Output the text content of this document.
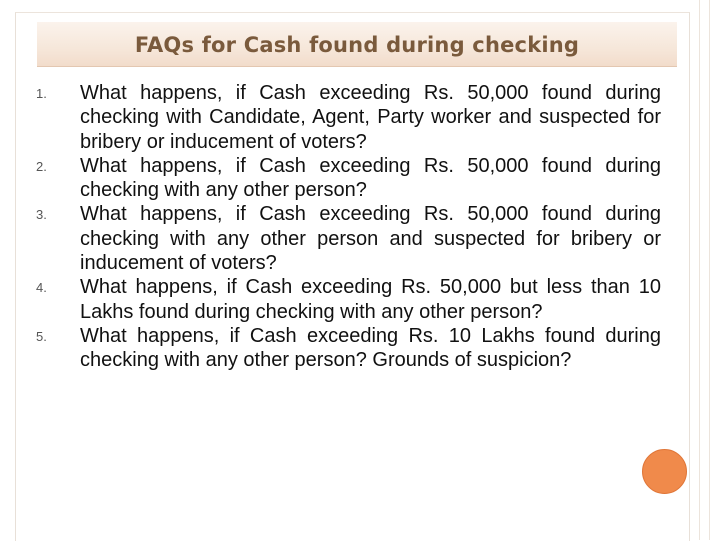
FAQs for Cash found during checking
1. What happens, if Cash exceeding Rs. 50,000 found during checking with Candidate, Agent, Party worker and suspected for bribery or inducement of voters?
2. What happens, if Cash exceeding Rs. 50,000 found during checking with any other person?
3. What happens, if Cash exceeding Rs. 50,000 found during checking with any other person and suspected for bribery or inducement of voters?
4. What happens, if Cash exceeding Rs. 50,000 but less than 10 Lakhs found during checking with any other person?
5. What happens, if Cash exceeding Rs. 10 Lakhs found during checking with any other person? Grounds of suspicion?
